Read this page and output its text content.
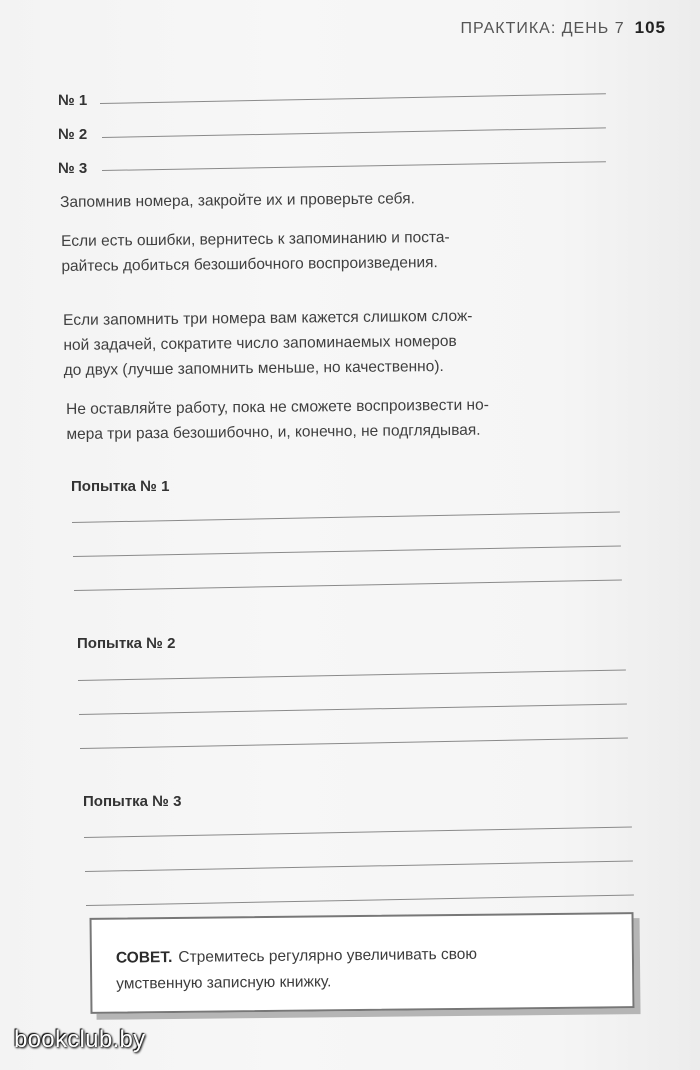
ПРАКТИКА: ДЕНЬ 7 105
№ 1
№ 2
№ 3
Запомнив номера, закройте их и проверьте себя.
Если есть ошибки, вернитесь к запоминанию и поста-
райтесь добиться безошибочного воспроизведения.
Если запомнить три номера вам кажется слишком слож-
ной задачей, сократите число запоминаемых номеров
до двух (лучше запомнить меньше, но качественно).
Не оставляйте работу, пока не сможете воспроизвести но-
мера три раза безошибочно, и, конечно, не подглядывая.
Попытка № 1
Попытка № 2
Попытка № 3
СОВЕТ. Стремитесь регулярно увеличивать свою
умственную записную книжку.
bookclub.by
